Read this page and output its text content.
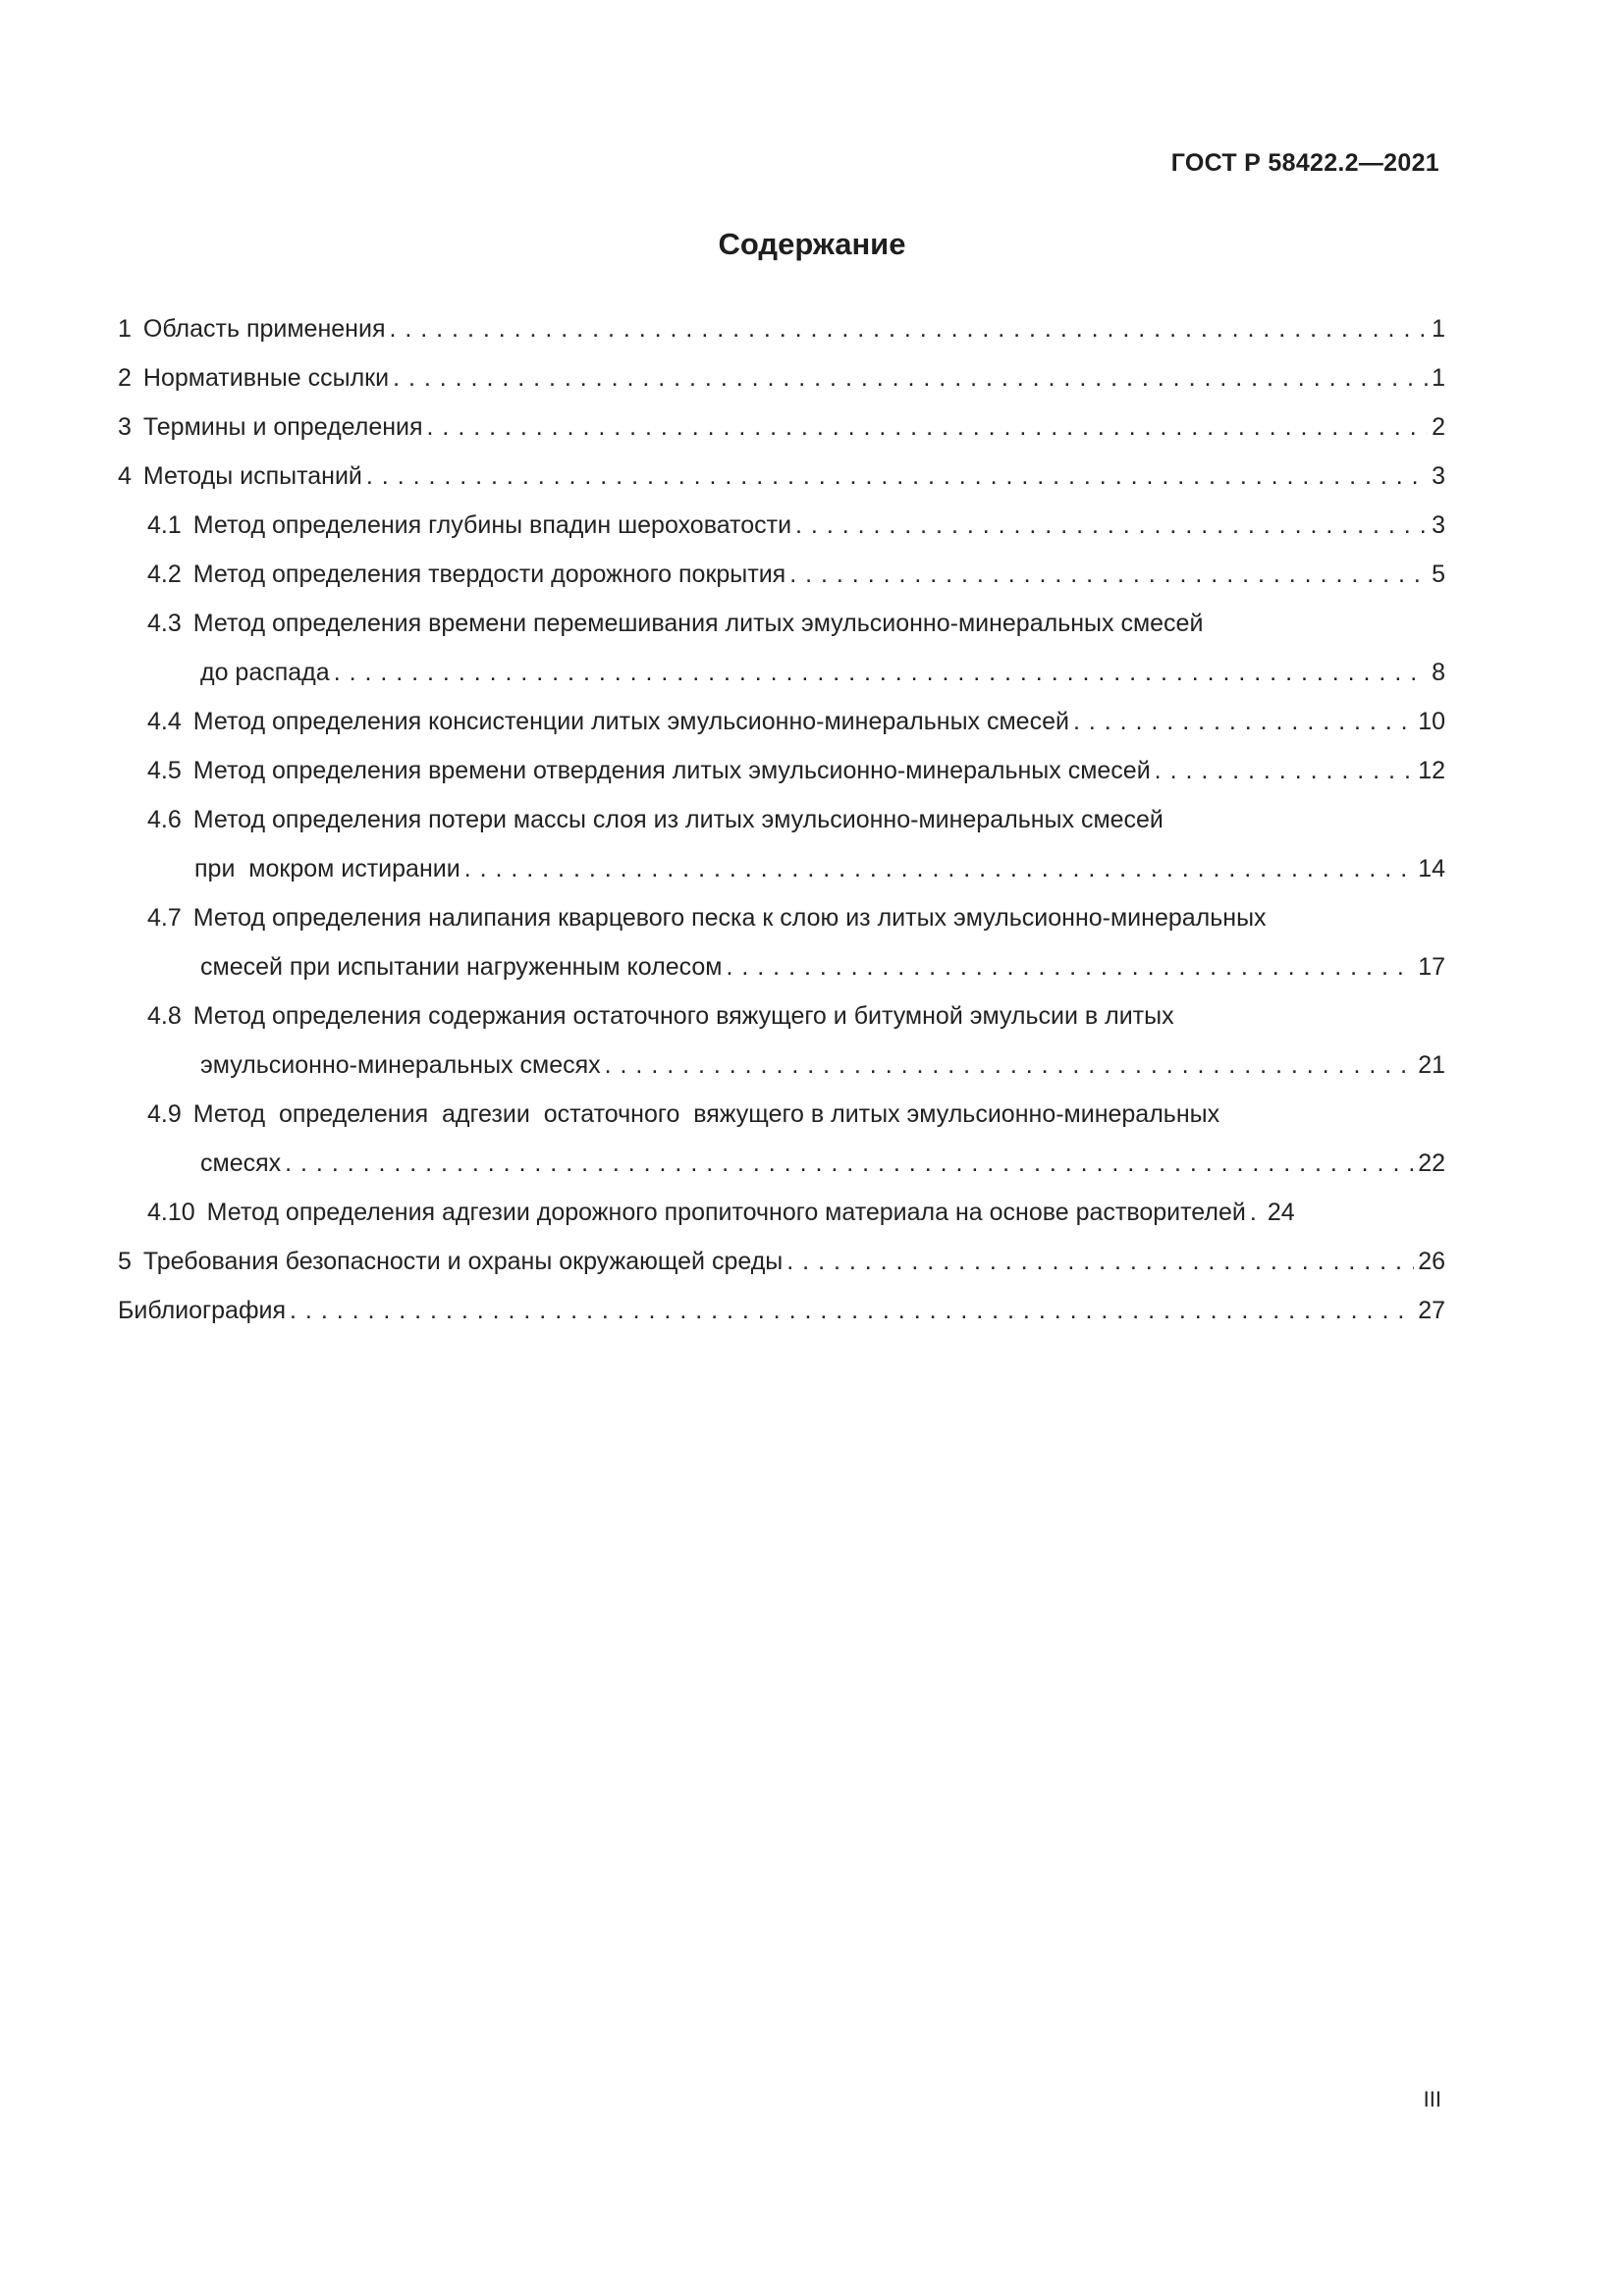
ГОСТ Р 58422.2—2021
Содержание
1 Область применения . . .	1
2 Нормативные ссылки . . .	1
3 Термины и определения . . .	2
4 Методы испытаний . . .	3
4.1 Метод определения глубины впадин шероховатости . . .	3
4.2 Метод определения твердости дорожного покрытия . . .	5
4.3 Метод определения времени перемешивания литых эмульсионно-минеральных смесей
до распада . . .	8
4.4 Метод определения консистенции литых эмульсионно-минеральных смесей . . .	10
4.5 Метод определения времени отвердения литых эмульсионно-минеральных смесей . . .	12
4.6 Метод определения потери массы слоя из литых эмульсионно-минеральных смесей
при  мокром истирании . . .	14
4.7 Метод определения налипания кварцевого песка к слою из литых эмульсионно-минеральных
смесей при испытании нагруженным колесом . . .	17
4.8 Метод определения содержания остаточного вяжущего и битумной эмульсии в литых
эмульсионно-минеральных смесях . . .	21
4.9 Метод  определения  адгезии  остаточного  вяжущего в литых эмульсионно-минеральных
смесях . . .	22
4.10 Метод определения адгезии дорожного пропиточного материала на основе растворителей . . . 24
5 Требования безопасности и охраны окружающей среды . . .	26
Библиография . . .	27
III
